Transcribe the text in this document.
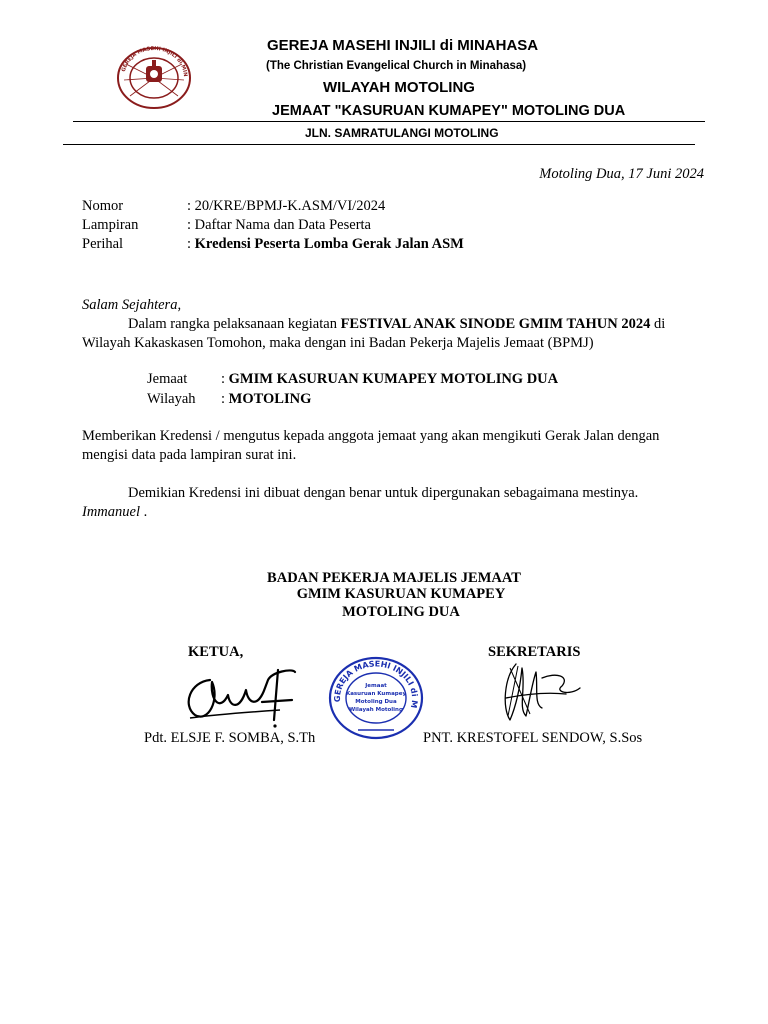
GEREJA MASEHI INJILI di MIN
GEREJA MASEHI INJILI di MINAHASA
(The Christian Evangelical Church in Minahasa)
WILAYAH MOTOLING
JEMAAT "KASURUAN KUMAPEY" MOTOLING DUA
JLN. SAMRATULANGI MOTOLING
Motoling Dua, 17 Juni 2024
Nomor	: 20/KRE/BPMJ-K.ASM/VI/2024
Lampiran	: Daftar Nama dan Data Peserta
Perihal	: Kredensi Peserta Lomba Gerak Jalan ASM
Salam Sejahtera,
Dalam rangka pelaksanaan kegiatan FESTIVAL ANAK SINODE GMIM TAHUN 2024 di
Wilayah Kakaskasen Tomohon, maka dengan ini Badan Pekerja Majelis Jemaat (BPMJ)
Jemaat : GMIM KASURUAN KUMAPEY MOTOLING DUA
Wilayah : MOTOLING
Memberikan Kredensi / mengutus kepada anggota jemaat yang akan mengikuti Gerak Jalan dengan
mengisi data pada lampiran surat ini.
Demikian Kredensi ini dibuat dengan benar untuk dipergunakan sebagaimana mestinya.
Immanuel .
BADAN PEKERJA MAJELIS JEMAAT
GMIM KASURUAN KUMAPEY
MOTOLING DUA
KETUA,	SEKRETARIS
GEREJA MASEHI INJILI di M
Jemaat
Kasuruan Kumapey
Motoling Dua
Wilayah Motoling
Pdt. ELSJE F. SOMBA, S.Th	PNT. KRESTOFEL SENDOW, S.Sos
